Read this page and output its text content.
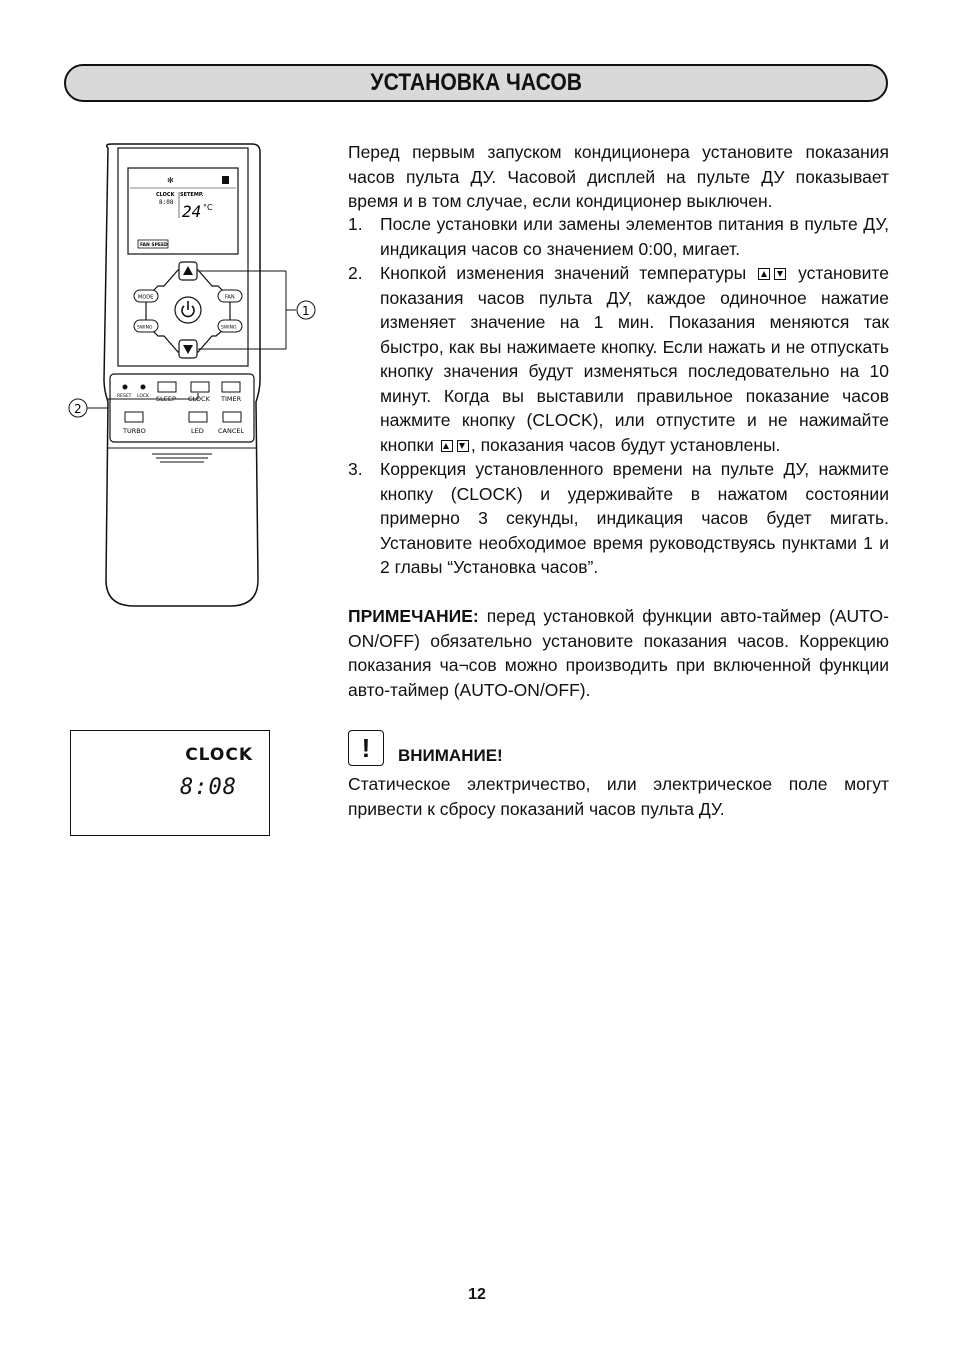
УСТАНОВКА ЧАСОВ
✻
CLOCK
8:08
SETEMP.
24 °C
FAN SPEED
MODE	FAN
SWING	SWING
1
RESET LOCK SLEEP CLOCK TIMER
TURBO	LED CANCEL
2
CLOCK
8:08

Перед первым запуском кондиционера установите показания часов пульта ДУ. Часовой дисплей на пульте ДУ показывает время и в том случае, если кондиционер выключен.

1. После установки или замены элементов питания в пульте ДУ, индикация часов со значением 0:00, мигает.
2. Кнопкой изменения значений температуры	установите показания часов пульта ДУ, каждое одиночное нажатие изменяет значение на 1 мин. Показания меняются так быстро, как вы нажимаете кнопку. Если нажать и не отпускать кнопку значения будут изменяться последовательно на 10 минут. Когда вы выставили правильное показание часов нажмите кнопку (CLOCK), или отпустите и не нажимайте кнопки , показания часов будут установлены.
3. Коррекция установленного времени на пульте ДУ, нажмите кнопку (CLOCK) и удерживайте в нажатом состоянии примерно 3 секунды, индикация часов будет мигать. Установите необходимое время руководствуясь пунктами 1 и 2 главы “Установка часов”.

ПРИМЕЧАНИЕ: перед установкой функции авто-таймер (AUTO-ON/OFF) обязательно установите показания часов. Коррекцию показания ча¬сов можно производить при включенной функции авто-таймер (AUTO-ON/OFF).

!	ВНИМАНИЕ!

Статическое электричество, или электрическое поле могут привести к сбросу показаний часов пульта ДУ.

12
